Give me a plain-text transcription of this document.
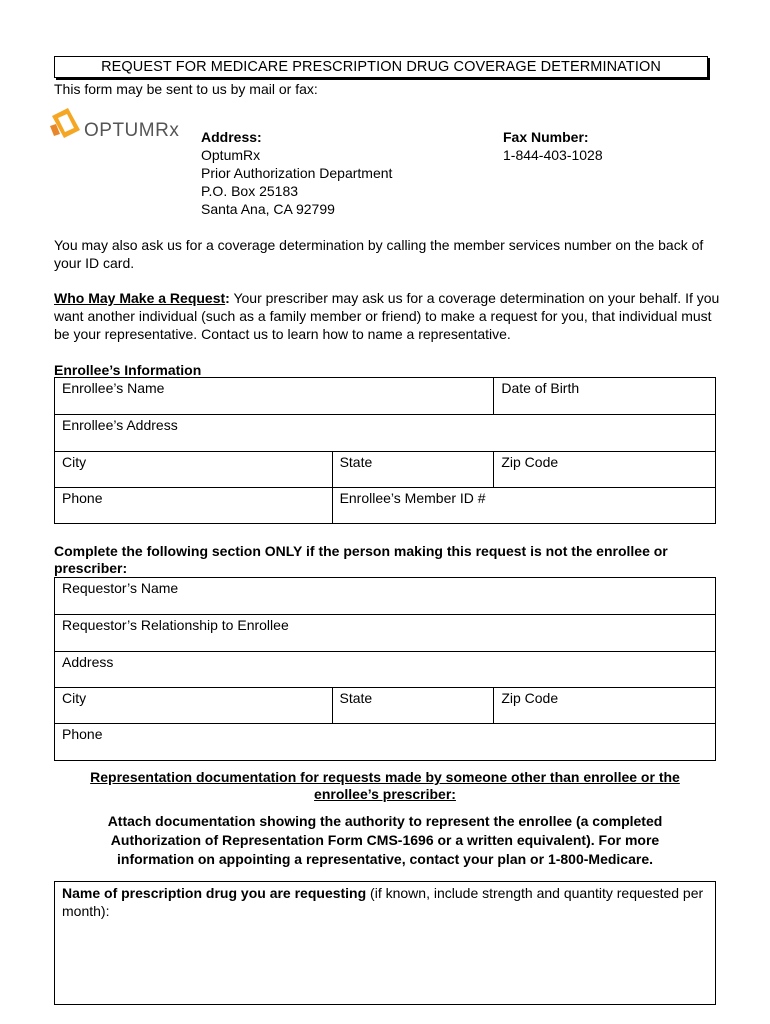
REQUEST FOR MEDICARE PRESCRIPTION DRUG COVERAGE DETERMINATION
This form may be sent to us by mail or fax:
OPTUMRx Address:
OptumRx
Prior Authorization Department
P.O. Box 25183
Santa Ana, CA 92799
Fax Number:
1-844-403-1028
You may also ask us for a coverage determination by calling the member services number on the back of your ID card.
Who May Make a Request: Your prescriber may ask us for a coverage determination on your behalf. If you want another individual (such as a family member or friend) to make a request for you, that individual must be your representative. Contact us to learn how to name a representative.
Enrollee’s Information
Enrollee’s Name		Date of Birth
Enrollee’s Address		
City	State	Zip Code
Phone	Enrollee’s Member ID #	
Complete the following section ONLY if the person making this request is not the enrollee or prescriber:
Requestor’s Name
Requestor’s Relationship to Enrollee
Address
City	State	Zip Code
Phone
Representation documentation for requests made by someone other than enrollee or the enrollee’s prescriber:
Attach documentation showing the authority to represent the enrollee (a completed Authorization of Representation Form CMS-1696 or a written equivalent). For more information on appointing a representative, contact your plan or 1-800-Medicare.
Name of prescription drug you are requesting (if known, include strength and quantity requested per month):
